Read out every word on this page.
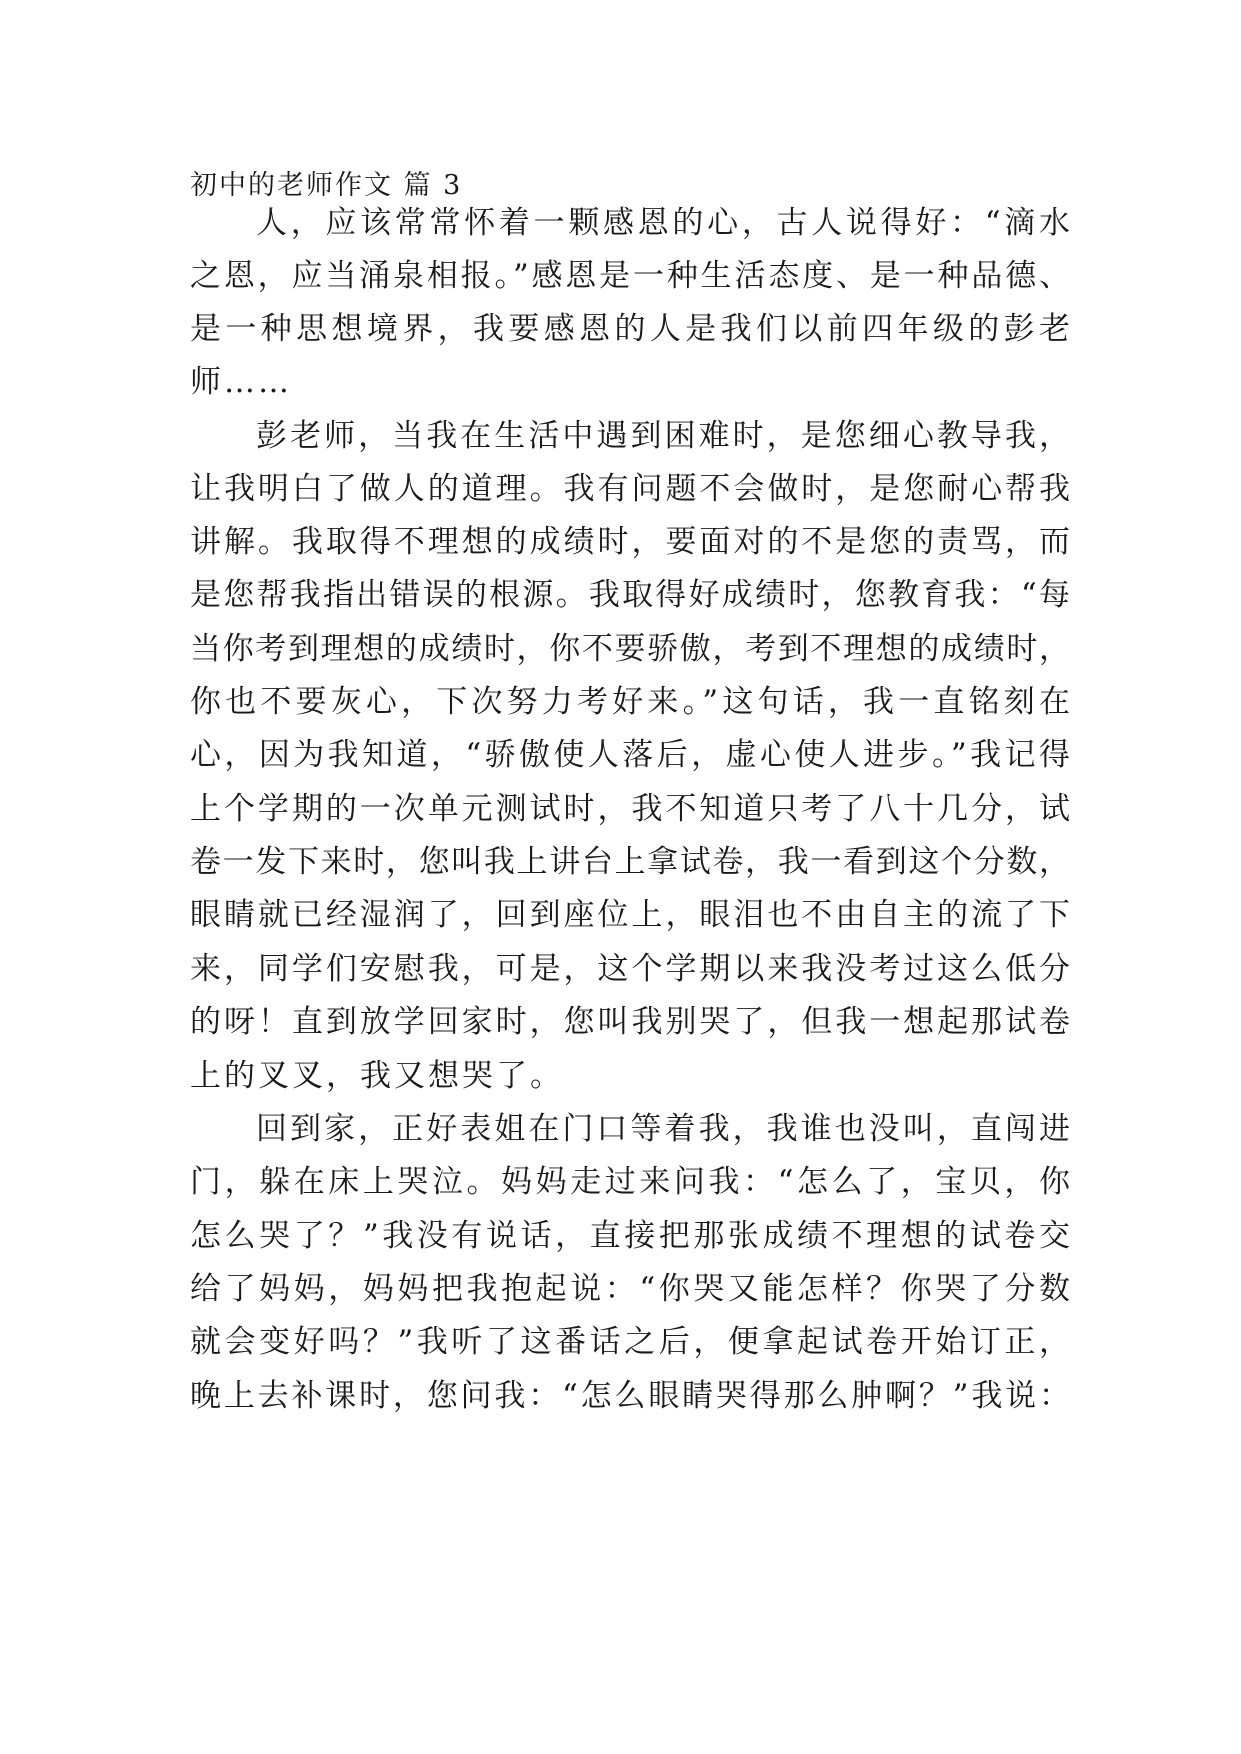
初中的老师作文 篇 3
人，应该常常怀着一颗感恩的心，古人说得好：“滴水
之恩，应当涌泉相报。”感恩是一种生活态度、是一种品德、
是一种思想境界，我要感恩的人是我们以前四年级的彭老
师……
彭老师，当我在生活中遇到困难时，是您细心教导我，
让我明白了做人的道理。我有问题不会做时，是您耐心帮我
讲解。我取得不理想的成绩时，要面对的不是您的责骂，而
是您帮我指出错误的根源。我取得好成绩时，您教育我：“每
当你考到理想的成绩时，你不要骄傲，考到不理想的成绩时，
你也不要灰心，下次努力考好来。”这句话，我一直铭刻在
心，因为我知道，“骄傲使人落后，虚心使人进步。”我记得
上个学期的一次单元测试时，我不知道只考了八十几分，试
卷一发下来时，您叫我上讲台上拿试卷，我一看到这个分数，
眼睛就已经湿润了，回到座位上，眼泪也不由自主的流了下
来，同学们安慰我，可是，这个学期以来我没考过这么低分
的呀！直到放学回家时，您叫我别哭了，但我一想起那试卷
上的叉叉，我又想哭了。
回到家，正好表姐在门口等着我，我谁也没叫，直闯进
门，躲在床上哭泣。妈妈走过来问我：“怎么了，宝贝，你
怎么哭了？”我没有说话，直接把那张成绩不理想的试卷交
给了妈妈，妈妈把我抱起说：“你哭又能怎样？你哭了分数
就会变好吗？”我听了这番话之后，便拿起试卷开始订正，
晚上去补课时，您问我：“怎么眼睛哭得那么肿啊？”我说：
